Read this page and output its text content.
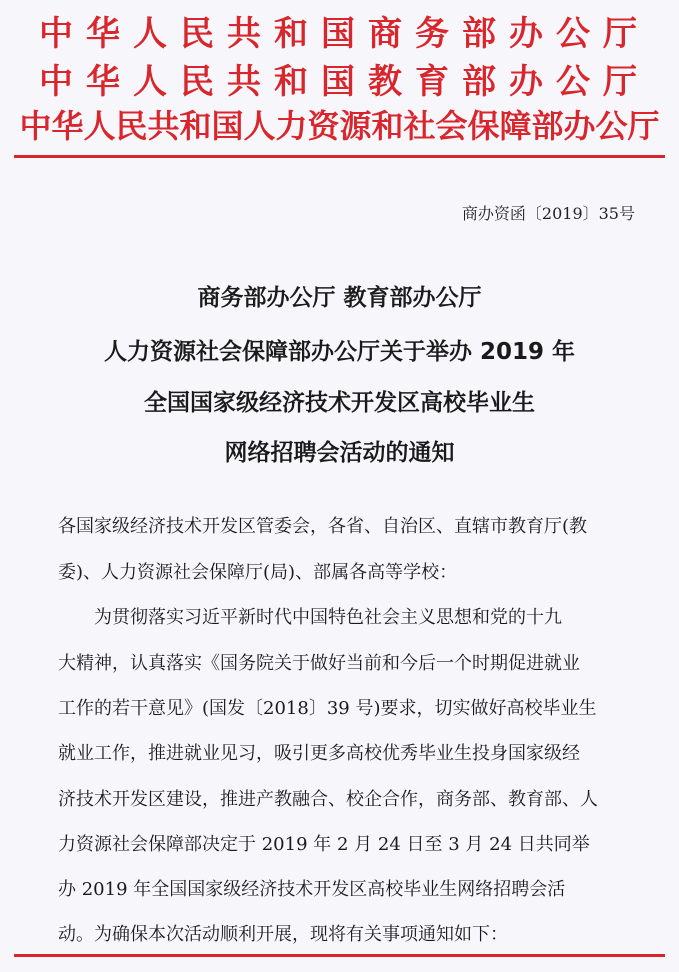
中华人民共和国商务部办公厅
中华人民共和国教育部办公厅
中华人民共和国人力资源和社会保障部办公厅
商办资函〔2019〕35号
商务部办公厅 教育部办公厅
人力资源社会保障部办公厅关于举办 2019 年
全国国家级经济技术开发区高校毕业生
网络招聘会活动的通知
各国家级经济技术开发区管委会，各省、自治区、直辖市教育厅(教
委)、人力资源社会保障厅(局)、部属各高等学校：
为贯彻落实习近平新时代中国特色社会主义思想和党的十九
大精神，认真落实《国务院关于做好当前和今后一个时期促进就业
工作的若干意见》(国发〔2018〕39 号)要求，切实做好高校毕业生
就业工作，推进就业见习，吸引更多高校优秀毕业生投身国家级经
济技术开发区建设，推进产教融合、校企合作，商务部、教育部、人
力资源社会保障部决定于 2019 年 2 月 24 日至 3 月 24 日共同举
办 2019 年全国国家级经济技术开发区高校毕业生网络招聘会活
动。为确保本次活动顺利开展，现将有关事项通知如下：
